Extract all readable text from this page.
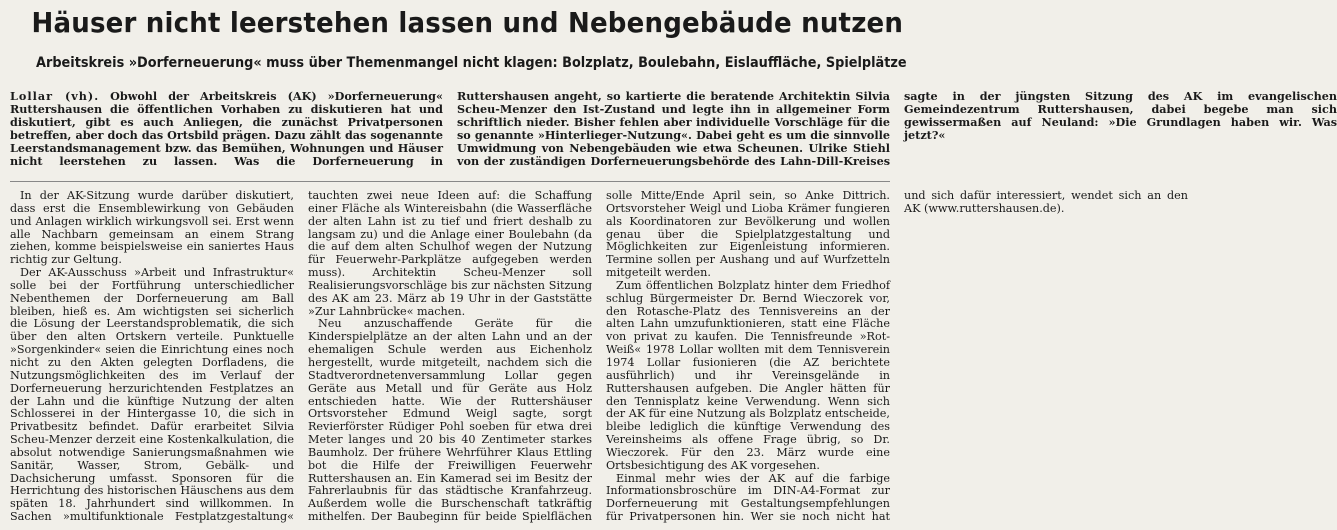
Häuser nicht leerstehen lassen und Nebengebäude nutzen
Arbeitskreis »Dorferneuerung« muss über Themenmangel nicht klagen: Bolzplatz, Boulebahn, Eislauffläche, Spielplätze

Lollar (vh). Obwohl der Arbeitskreis (AK) »Dorferneuerung« Ruttershausen die öffentlichen Vorhaben zu diskutieren hat und diskutiert, gibt es auch Anliegen, die zunächst Privatpersonen betreffen, aber doch das Ortsbild prägen. Dazu zählt das sogenannte Leerstandsmanagement bzw. das Bemühen, Wohnungen und Häuser nicht leerstehen zu lassen. Was die Dorferneuerung in Ruttershausen angeht, so kartierte die beratende Architektin Silvia Scheu-Menzer den Ist-Zustand und legte ihn in allgemeiner Form schriftlich nieder. Bisher fehlen aber individuelle Vorschläge für die so genannte »Hinterlieger-Nutzung«. Dabei geht es um die sinnvolle Umwidmung von Nebengebäuden wie etwa Scheunen. Ulrike Stiehl von der zuständigen Dorferneuerungsbehörde des Lahn-Dill-Kreises sagte in der jüngsten Sitzung des AK im evangelischen Gemeindezentrum Ruttershausen, dabei begebe man sich gewissermaßen auf Neuland: »Die Grundlagen haben wir. Was jetzt?«

In der AK-Sitzung wurde darüber diskutiert, dass erst die Ensemblewirkung von Gebäuden und Anlagen wirklich wirkungsvoll sei. Erst wenn alle Nachbarn gemeinsam an einem Strang ziehen, komme beispielsweise ein saniertes Haus richtig zur Geltung.

Der AK-Ausschuss »Arbeit und Infrastruktur« solle bei der Fortführung unterschiedlicher Nebenthemen der Dorferneuerung am Ball bleiben, hieß es. Am wichtigsten sei sicherlich die Lösung der Leerstandsproblematik, die sich über den alten Ortskern verteile. Punktuelle »Sorgenkinder« seien die Einrichtung eines noch nicht zu den Akten gelegten Dorfladens, die Nutzungsmöglichkeiten des im Verlauf der Dorferneuerung herzurichtenden Festplatzes an der Lahn und die künftige Nutzung der alten Schlosserei in der Hintergasse 10, die sich in Privatbesitz befindet. Dafür erarbeitet Silvia Scheu-Menzer derzeit eine Kostenkalkulation, die absolut notwendige Sanierungsmaßnahmen wie Sanitär, Wasser, Strom, Gebälk- und Dachsicherung umfasst. Sponsoren für die Herrichtung des historischen Häuschens aus dem späten 18. Jahrhundert sind willkommen. In Sachen »multifunktionale Festplatzgestaltung« tauchten zwei neue Ideen auf: die Schaffung einer Fläche als Wintereisbahn (die Wasserfläche der alten Lahn ist zu tief und friert deshalb zu langsam zu) und die Anlage einer Boulebahn (da die auf dem alten Schulhof wegen der Nutzung für Feuerwehr-Parkplätze aufgegeben werden muss). Architektin Scheu-Menzer soll Realisierungsvorschläge bis zur nächsten Sitzung des AK am 23. März ab 19 Uhr in der Gaststätte »Zur Lahnbrücke« machen.

Neu anzuschaffende Geräte für die Kinderspielplätze an der alten Lahn und an der ehemaligen Schule werden aus Eichenholz hergestellt, wurde mitgeteilt, nachdem sich die Stadtverordnetenversammlung Lollar gegen Geräte aus Metall und für Geräte aus Holz entschieden hatte. Wie der Ruttershäuser Ortsvorsteher Edmund Weigl sagte, sorgt Revierförster Rüdiger Pohl soeben für etwa drei Meter langes und 20 bis 40 Zentimeter starkes Baumholz. Der frühere Wehrführer Klaus Ettling bot die Hilfe der Freiwilligen Feuerwehr Ruttershausen an. Ein Kamerad sei im Besitz der Fahrerlaubnis für das städtische Kranfahrzeug. Außerdem wolle die Burschenschaft tatkräftig mithelfen. Der Baubeginn für beide Spielflächen solle Mitte/Ende April sein, so Anke Dittrich. Ortsvorsteher Weigl und Lioba Krämer fungieren als Koordinatoren zur Bevölkerung und wollen genau über die Spielplatzgestaltung und Möglichkeiten zur Eigenleistung informieren. Termine sollen per Aushang und auf Wurfzetteln mitgeteilt werden.

Zum öffentlichen Bolzplatz hinter dem Friedhof schlug Bürgermeister Dr. Bernd Wieczorek vor, den Rotasche-Platz des Tennisvereins an der alten Lahn umzufunktionieren, statt eine Fläche von privat zu kaufen. Die Tennisfreunde »Rot-Weiß« 1978 Lollar wollten mit dem Tennisverein 1974 Lollar fusionieren (die AZ berichtete ausführlich) und ihr Vereinsgelände in Ruttershausen aufgeben. Die Angler hätten für den Tennisplatz keine Verwendung. Wenn sich der AK für eine Nutzung als Bolzplatz entscheide, bleibe lediglich die künftige Verwendung des Vereinsheims als offene Frage übrig, so Dr. Wieczorek. Für den 23. März wurde eine Ortsbesichtigung des AK vorgesehen.

Einmal mehr wies der AK auf die farbige Informationsbroschüre im DIN-A4-Format zur Dorferneuerung mit Gestaltungsempfehlungen für Privatpersonen hin. Wer sie noch nicht hat und sich dafür interessiert, wendet sich an den AK (www.ruttershausen.de).
